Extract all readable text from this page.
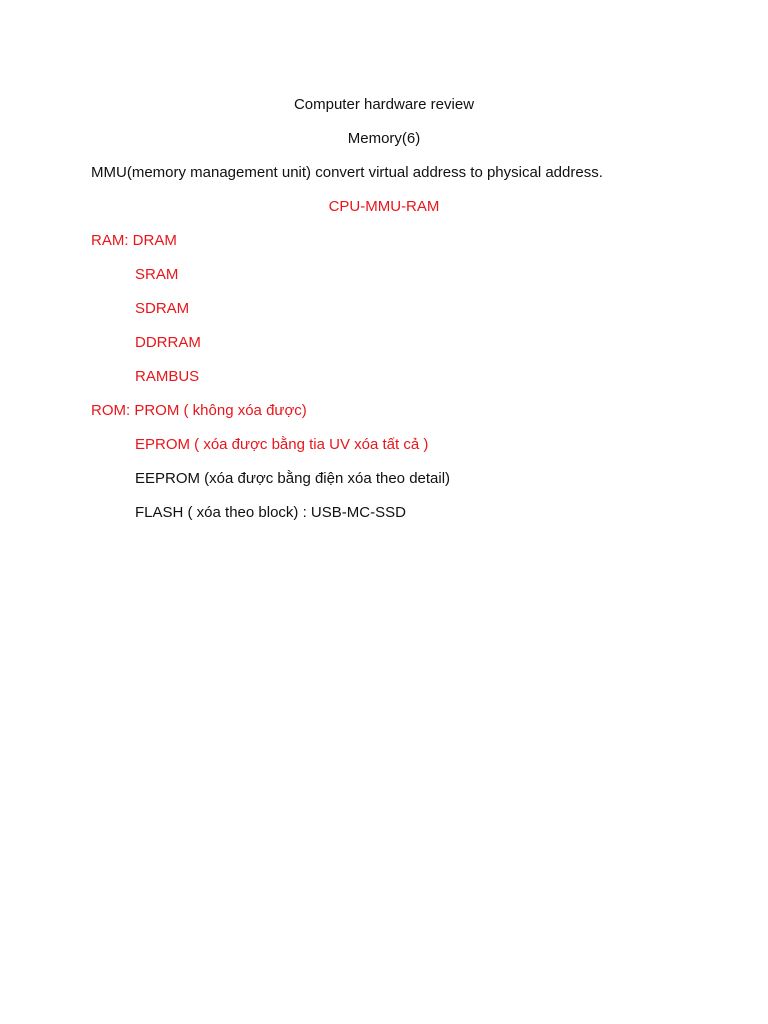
Computer hardware review
Memory(6)
MMU(memory management unit) convert virtual address to physical address.
CPU-MMU-RAM
RAM: DRAM
SRAM
SDRAM
DDRRAM
RAMBUS
ROM: PROM ( không xóa được)
EPROM ( xóa được bằng tia UV xóa tất cả )
EEPROM (xóa được bằng điện xóa theo detail)
FLASH ( xóa theo block) : USB-MC-SSD
